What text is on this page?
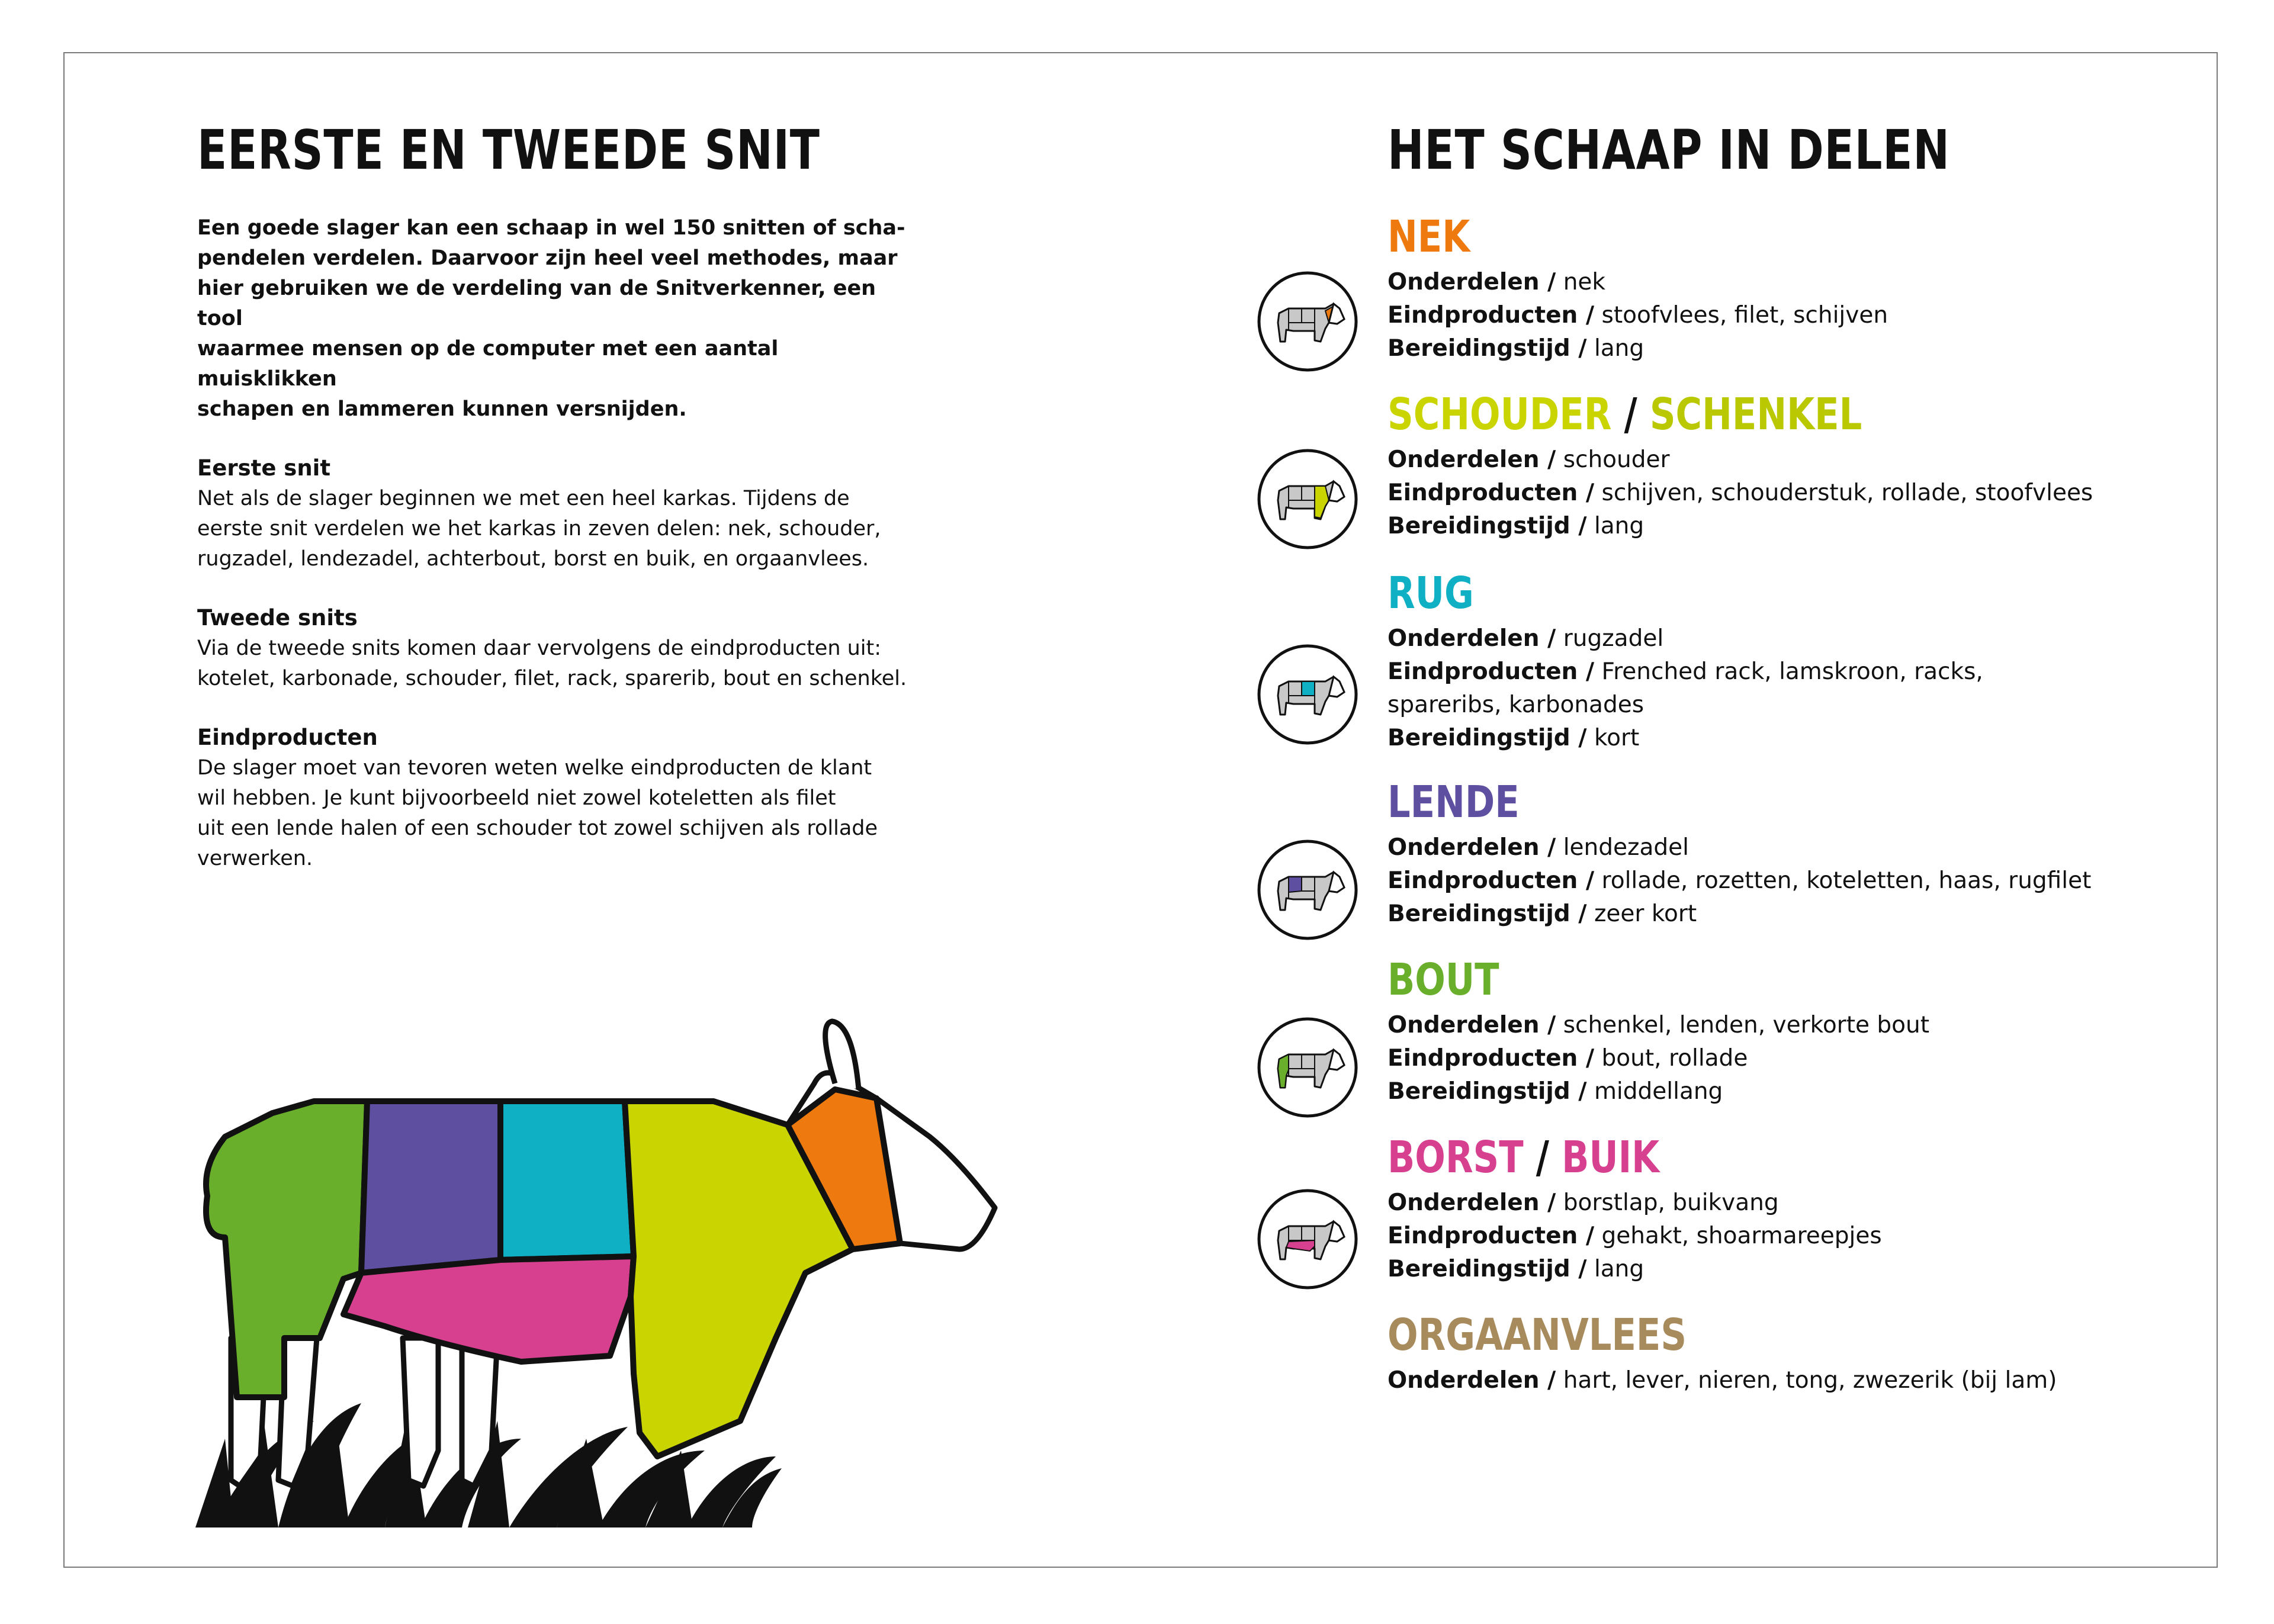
EERSTE EN TWEEDE SNIT

Een goede slager kan een schaap in wel 150 snitten of scha-
pendelen verdelen. Daarvoor zijn heel veel methodes, maar
hier gebruiken we de verdeling van de Snitverkenner, een tool
waarmee mensen op de computer met een aantal muisklikken
schapen en lammeren kunnen versnijden.

Eerste snit

Net als de slager beginnen we met een heel karkas. Tijdens de
eerste snit verdelen we het karkas in zeven delen: nek, schouder,
rugzadel, lendezadel, achterbout, borst en buik, en orgaanvlees.

Tweede snits

Via de tweede snits komen daar vervolgens de eindproducten uit:
kotelet, karbonade, schouder, filet, rack, sparerib, bout en schenkel.

Eindproducten

De slager moet van tevoren weten welke eindproducten de klant
wil hebben. Je kunt bijvoorbeeld niet zowel koteletten als filet
uit een lende halen of een schouder tot zowel schijven als rollade
verwerken.

HET SCHAAP IN DELEN
NEK

Onderdelen / nek

Eindproducten / stoofvlees, filet, schijven

Bereidingstijd / lang

SCHOUDER / SCHENKEL

Onderdelen / schouder

Eindproducten / schijven, schouderstuk, rollade, stoofvlees

Bereidingstijd / lang

RUG

Onderdelen / rugzadel

Eindproducten / Frenched rack, lamskroon, racks,
spareribs, karbonades

Bereidingstijd / kort

LENDE

Onderdelen / lendezadel

Eindproducten / rollade, rozetten, koteletten, haas, rugfilet

Bereidingstijd / zeer kort

BOUT

Onderdelen / schenkel, lenden, verkorte bout

Eindproducten / bout, rollade

Bereidingstijd / middellang

BORST / BUIK

Onderdelen / borstlap, buikvang

Eindproducten / gehakt, shoarmareepjes

Bereidingstijd / lang

ORGAANVLEES

Onderdelen / hart, lever, nieren, tong, zwezerik (bij lam)
